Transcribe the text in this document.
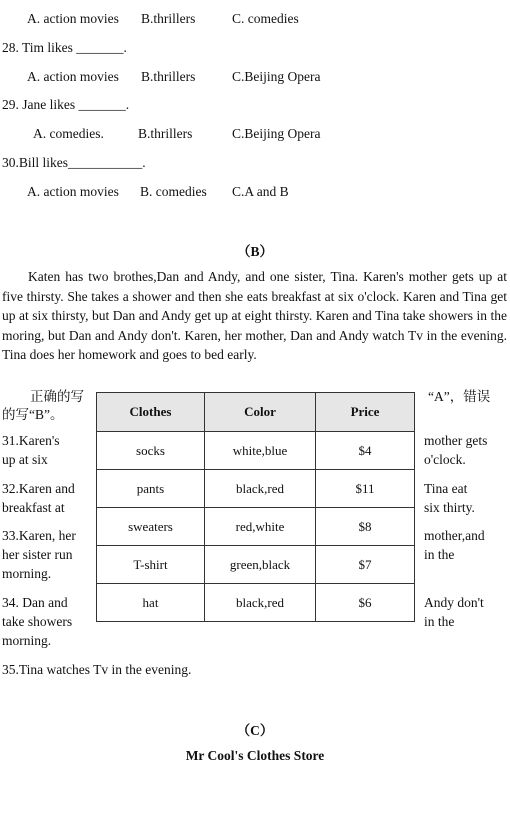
A. action movies B.thrillers	C. comedies
28. Tim likes _______.
A. action movies B.thrillers	C.Beijing Opera
29. Jane likes _______.
A. comedies.	B.thrillers	C.Beijing Opera
30.Bill likes___________.
A. action movies B. comedies C.A and B
（B）
Katen has two brothes,Dan and Andy, and one sister, Tina. Karen's mother gets up at five thirsty. She takes a shower and then she eats breakfast at six o'clock. Karen and Tina get up at six thirsty, but Dan and Andy get up at eight thirsty. Karen and Tina take showers in the moring, but Dan and Andy don't. Karen, her mother, Dan and Andy watch Tv in the evening. Tina does her homework and goes to bed early.
正确的写
的写“B”。
“A”，错误
31.Karen's
up at six
32.Karen and
breakfast at
33.Karen, her
her sister run
morning.
34. Dan and
take showers
morning.
mother gets
o'clock.
Tina eat
six thirty.
mother,and
in the
Andy don't
in the
Clothes	Color	Price
socks	white,blue	$4
pants	black,red	$11
sweaters	red,white	$8
T-shirt	green,black	$7
hat	black,red	$6
35.Tina watches Tv in the evening.
（C）
Mr Cool's Clothes Store
